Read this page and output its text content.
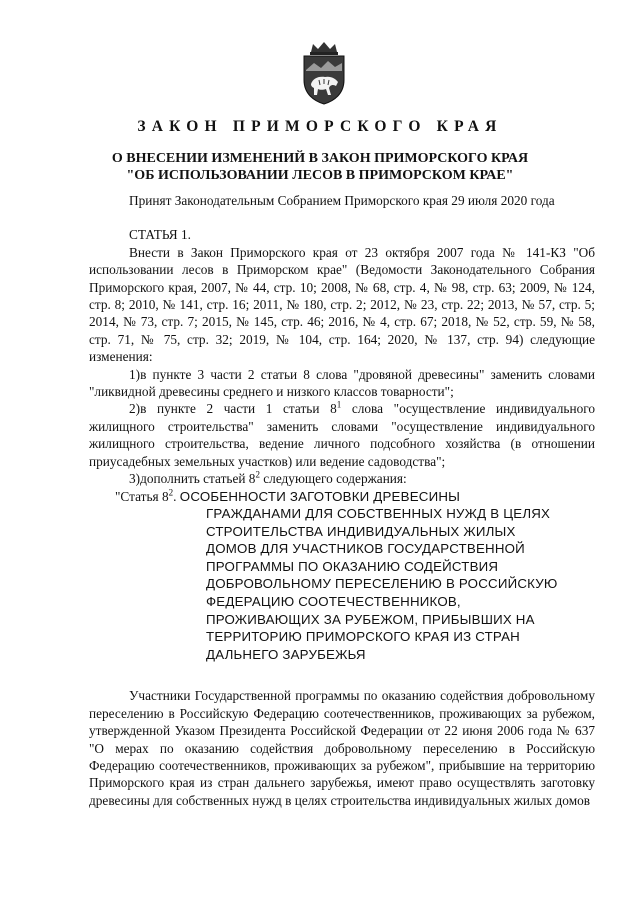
ЗАКОН ПРИМОРСКОГО КРАЯ
О ВНЕСЕНИИ ИЗМЕНЕНИЙ В ЗАКОН ПРИМОРСКОГО КРАЯ
"ОБ ИСПОЛЬЗОВАНИИ ЛЕСОВ В ПРИМОРСКОМ КРАЕ"

Принят Законодательным Собранием Приморского края 29 июля 2020 года

СТАТЬЯ 1.

Внести в Закон Приморского края от 23 октября 2007 года № 141-КЗ "Об использовании лесов в Приморском крае" (Ведомости Законодательного Собрания Приморского края, 2007, № 44, стр. 10; 2008, № 68, стр. 4, № 98, стр. 63; 2009, № 124, стр. 8; 2010, № 141, стр. 16; 2011, № 180, стр. 2; 2012, № 23, стр. 22; 2013, № 57, стр. 5; 2014, № 73, стр. 7; 2015, № 145, стр. 46; 2016, № 4, стр. 67; 2018, № 52, стр. 59, № 58, стр. 71, № 75, стр. 32; 2019, № 104, стр. 164; 2020, № 137, стр. 94) следующие изменения:

1)в пункте 3 части 2 статьи 8 слова "дровяной древесины" заменить словами "ликвидной древесины среднего и низкого классов товарности";

2)в пункте 2 части 1 статьи $8^1$ слова "осуществление индивидуального жилищного строительства" заменить словами "осуществление индивидуального жилищного строительства, ведение личного подсобного хозяйства (в отношении приусадебных земельных участков) или ведение садоводства";

3)дополнить статьей $8^2$ следующего содержания:

"Статья $8^2$. ОСОБЕННОСТИ ЗАГОТОВКИ ДРЕВЕСИНЫ
ГРАЖДАНАМИ ДЛЯ СОБСТВЕННЫХ НУЖД В ЦЕЛЯХ
СТРОИТЕЛЬСТВА ИНДИВИДУАЛЬНЫХ ЖИЛЫХ
ДОМОВ ДЛЯ УЧАСТНИКОВ ГОСУДАРСТВЕННОЙ
ПРОГРАММЫ ПО ОКАЗАНИЮ СОДЕЙСТВИЯ
ДОБРОВОЛЬНОМУ ПЕРЕСЕЛЕНИЮ В РОССИЙСКУЮ
ФЕДЕРАЦИЮ СООТЕЧЕСТВЕННИКОВ,
ПРОЖИВАЮЩИХ ЗА РУБЕЖОМ, ПРИБЫВШИХ НА
ТЕРРИТОРИЮ ПРИМОРСКОГО КРАЯ ИЗ СТРАН
ДАЛЬНЕГО ЗАРУБЕЖЬЯ

Участники Государственной программы по оказанию содействия добровольному переселению в Российскую Федерацию соотечественников, проживающих за рубежом, утвержденной Указом Президента Российской Федерации от 22 июня 2006 года № 637 "О мерах по оказанию содействия добровольному переселению в Российскую Федерацию соотечественников, проживающих за рубежом", прибывшие на территорию Приморского края из стран дальнего зарубежья, имеют право осуществлять заготовку древесины для собственных нужд в целях строительства индивидуальных жилых домов
